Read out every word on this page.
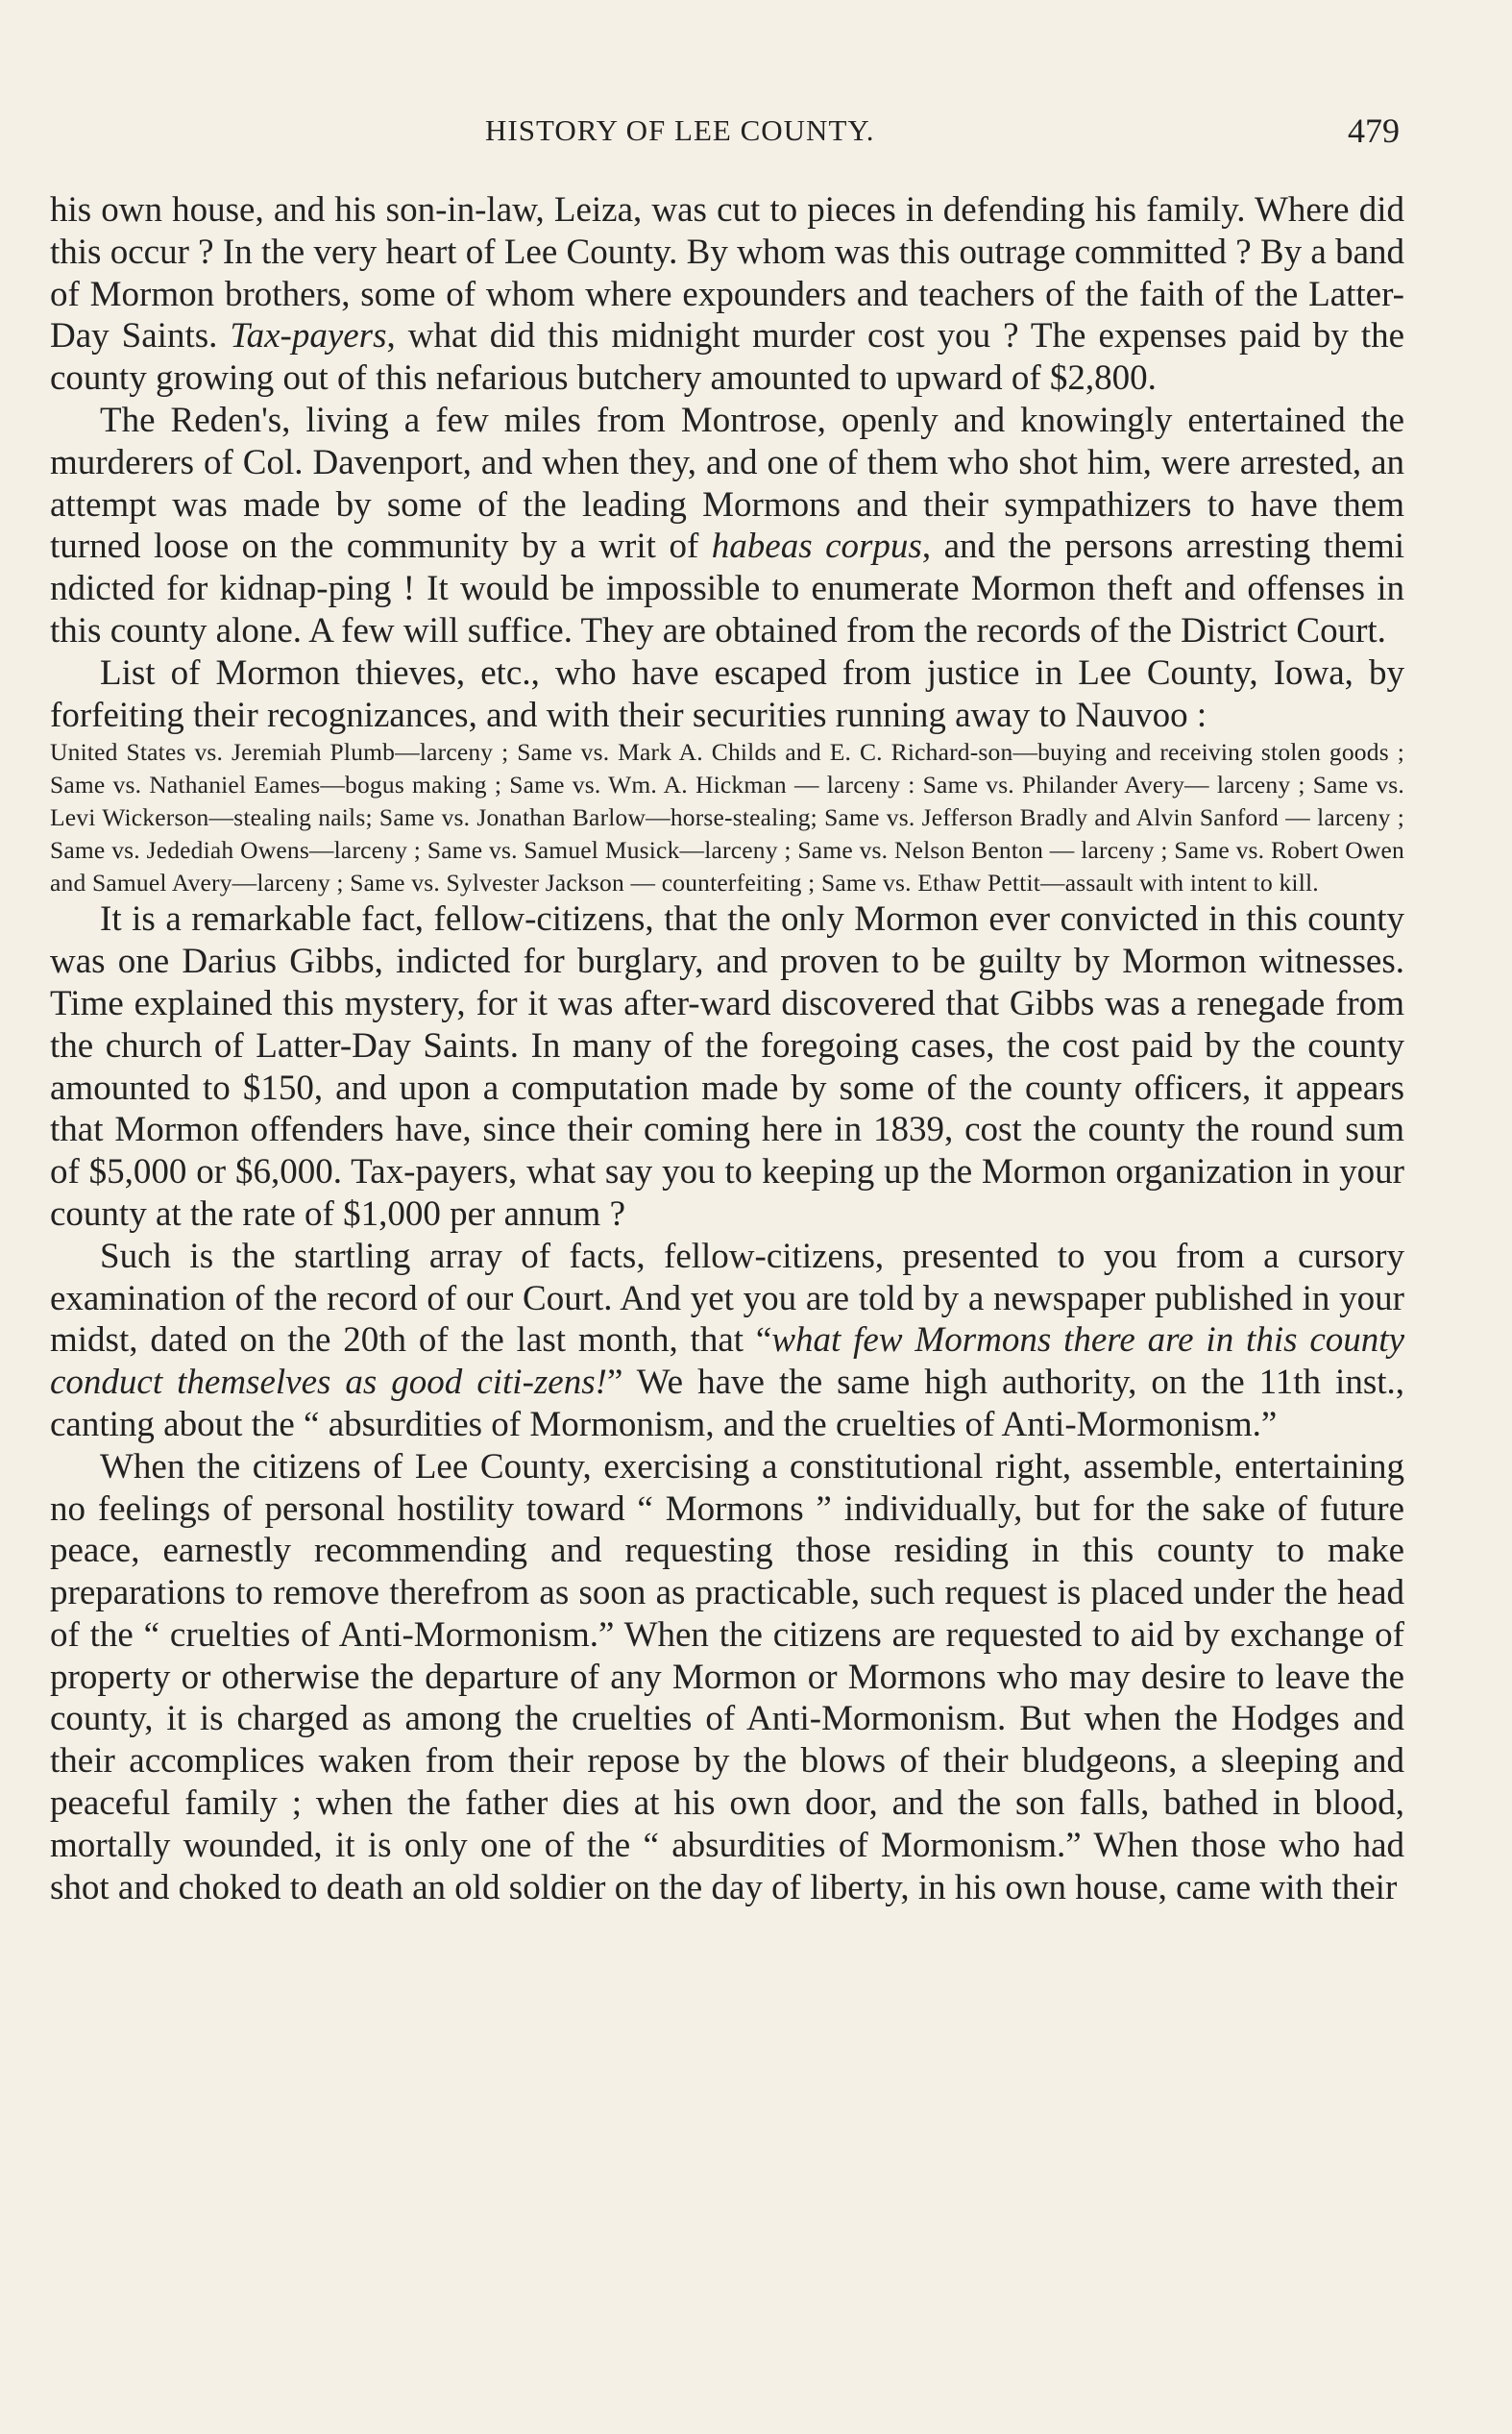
HISTORY OF LEE COUNTY.	479

his own house, and his son-in-law, Leiza, was cut to pieces in defending his family. Where did this occur ? In the very heart of Lee County. By whom was this outrage committed ? By a band of Mormon brothers, some of whom where expounders and teachers of the faith of the Latter-Day Saints. Tax-payers, what did this midnight murder cost you ? The expenses paid by the county growing out of this nefarious butchery amounted to upward of $2,800.

The Reden's, living a few miles from Montrose, openly and knowingly entertained the murderers of Col. Davenport, and when they, and one of them who shot him, were arrested, an attempt was made by some of the leading Mormons and their sympathizers to have them turned loose on the community by a writ of habeas corpus, and the persons arresting themi ndicted for kidnap-ping ! It would be impossible to enumerate Mormon theft and offenses in this county alone. A few will suffice. They are obtained from the records of the District Court.

List of Mormon thieves, etc., who have escaped from justice in Lee County, Iowa, by forfeiting their recognizances, and with their securities running away to Nauvoo :

United States vs. Jeremiah Plumb—larceny ; Same vs. Mark A. Childs and E. C. Richard-son—buying and receiving stolen goods ; Same vs. Nathaniel Eames—bogus making ; Same vs. Wm. A. Hickman — larceny : Same vs. Philander Avery— larceny ; Same vs. Levi Wickerson—stealing nails; Same vs. Jonathan Barlow—horse-stealing; Same vs. Jefferson Bradly and Alvin Sanford — larceny ; Same vs. Jedediah Owens—larceny ; Same vs. Samuel Musick—larceny ; Same vs. Nelson Benton — larceny ; Same vs. Robert Owen and Samuel Avery—larceny ; Same vs. Sylvester Jackson — counterfeiting ; Same vs. Ethaw Pettit—assault with intent to kill.

It is a remarkable fact, fellow-citizens, that the only Mormon ever convicted in this county was one Darius Gibbs, indicted for burglary, and proven to be guilty by Mormon witnesses. Time explained this mystery, for it was after-ward discovered that Gibbs was a renegade from the church of Latter-Day Saints. In many of the foregoing cases, the cost paid by the county amounted to $150, and upon a computation made by some of the county officers, it appears that Mormon offenders have, since their coming here in 1839, cost the county the round sum of $5,000 or $6,000. Tax-payers, what say you to keeping up the Mormon organization in your county at the rate of $1,000 per annum ?

Such is the startling array of facts, fellow-citizens, presented to you from a cursory examination of the record of our Court. And yet you are told by a newspaper published in your midst, dated on the 20th of the last month, that “what few Mormons there are in this county conduct themselves as good citi-zens!” We have the same high authority, on the 11th inst., canting about the “ absurdities of Mormonism, and the cruelties of Anti-Mormonism.”

When the citizens of Lee County, exercising a constitutional right, assemble, entertaining no feelings of personal hostility toward “ Mormons ” individually, but for the sake of future peace, earnestly recommending and requesting those residing in this county to make preparations to remove therefrom as soon as practicable, such request is placed under the head of the “ cruelties of Anti-Mormonism.” When the citizens are requested to aid by exchange of property or otherwise the departure of any Mormon or Mormons who may desire to leave the county, it is charged as among the cruelties of Anti-Mormonism. But when the Hodges and their accomplices waken from their repose by the blows of their bludgeons, a sleeping and peaceful family ; when the father dies at his own door, and the son falls, bathed in blood, mortally wounded, it is only one of the “ absurdities of Mormonism.” When those who had shot and choked to death an old soldier on the day of liberty, in his own house, came with their
